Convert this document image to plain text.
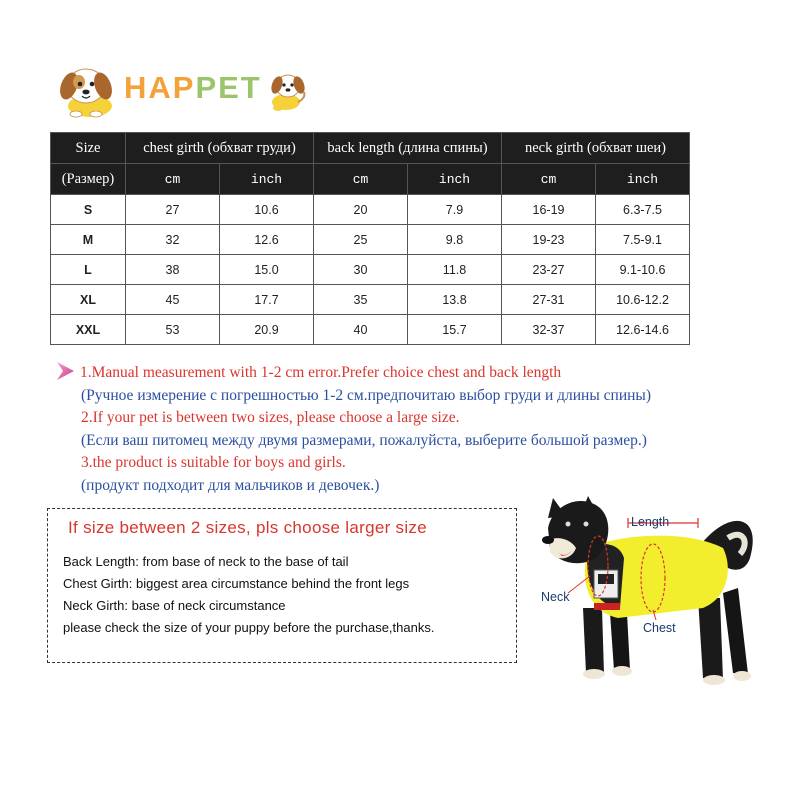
HAPPET
Size	chest girth (обхват груди)		back length (длина спины)		neck girth (обхват шеи)	
(Размер)	cm	inch	cm	inch	cm	inch
S	27	10.6	20	7.9	16-19	6.3-7.5
M	32	12.6	25	9.8	19-23	7.5-9.1
L	38	15.0	30	11.8	23-27	9.1-10.6
XL	45	17.7	35	13.8	27-31	10.6-12.2
XXL	53	20.9	40	15.7	32-37	12.6-14.6
1.Manual measurement with 1-2 cm error.Prefer choice chest and back length
(Ручное измерение с погрешностью 1-2 см.предпочитаю выбор груди и длины спины)
2.If your pet is between two sizes, please choose a large size.
(Если ваш питомец между двумя размерами, пожалуйста, выберите большой размер.)
3.the product is suitable for boys and girls.
(продукт подходит для мальчиков и девочек.)
If size between 2 sizes, pls choose larger size
Back Length: from base of neck to the base of tail
Chest Girth: biggest area circumstance behind the front legs
Neck Girth: base of neck circumstance
please check the size of your puppy before the purchase,thanks.
Length
Neck
Chest
